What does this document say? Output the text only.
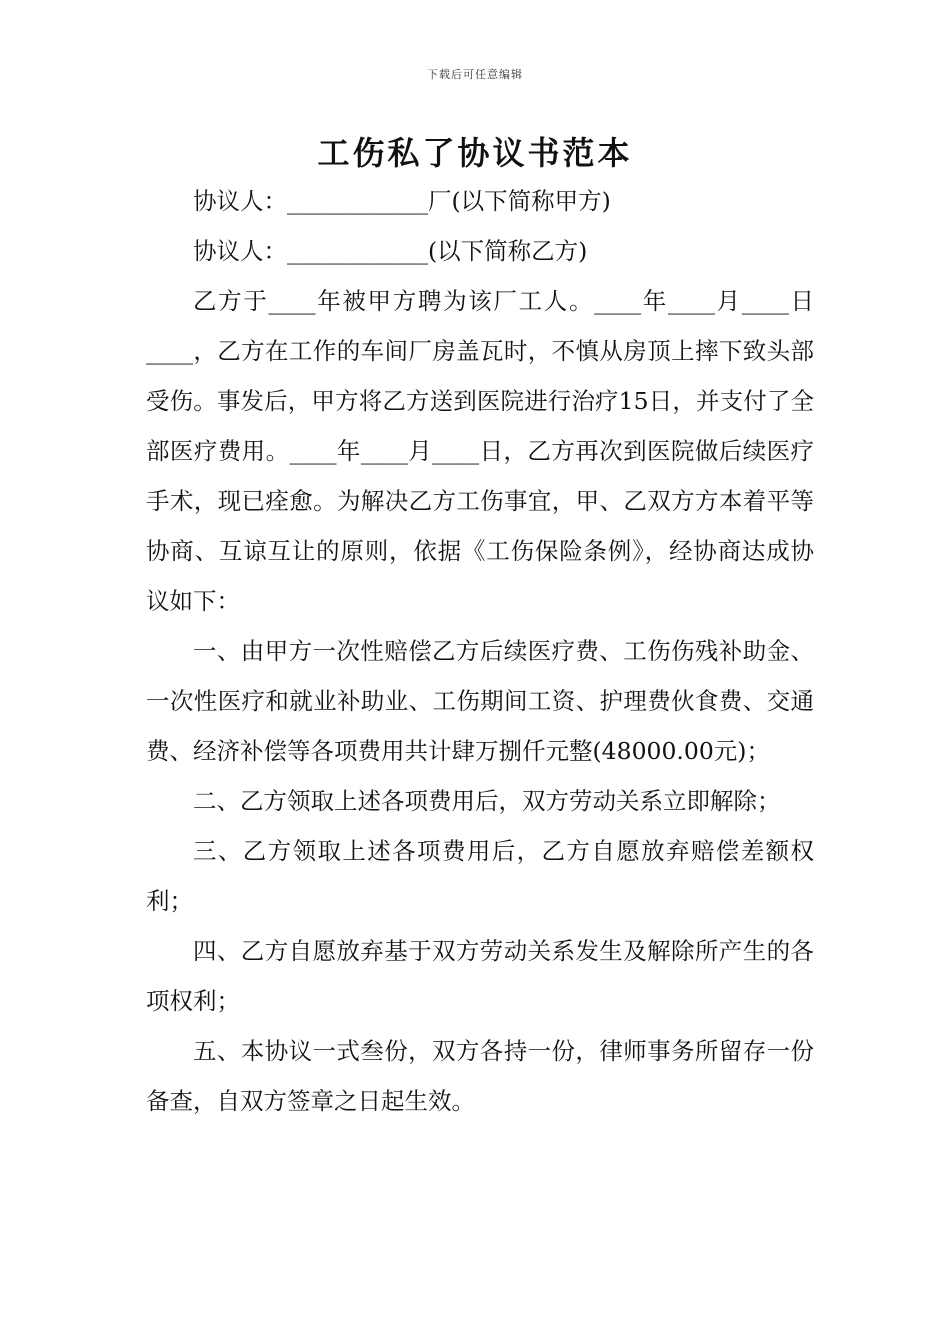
下载后可任意编辑
工伤私了协议书范本

协议人：____________厂(以下简称甲方)

协议人：____________(以下简称乙方)

乙方于____年被甲方聘为该厂工人。____年____月____日____，乙方在工作的车间厂房盖瓦时，不慎从房顶上摔下致头部受伤。事发后，甲方将乙方送到医院进行治疗15日，并支付了全部医疗费用。____年____月____日，乙方再次到医院做后续医疗手术，现已痊愈。为解决乙方工伤事宜，甲、乙双方方本着平等协商、互谅互让的原则，依据《工伤保险条例》，经协商达成协议如下：

一、由甲方一次性赔偿乙方后续医疗费、工伤伤残补助金、一次性医疗和就业补助业、工伤期间工资、护理费伙食费、交通费、经济补偿等各项费用共计肆万捌仟元整(48000.00元)；

二、乙方领取上述各项费用后，双方劳动关系立即解除；

三、乙方领取上述各项费用后，乙方自愿放弃赔偿差额权利；

四、乙方自愿放弃基于双方劳动关系发生及解除所产生的各项权利；

五、本协议一式叁份，双方各持一份，律师事务所留存一份备查，自双方签章之日起生效。
